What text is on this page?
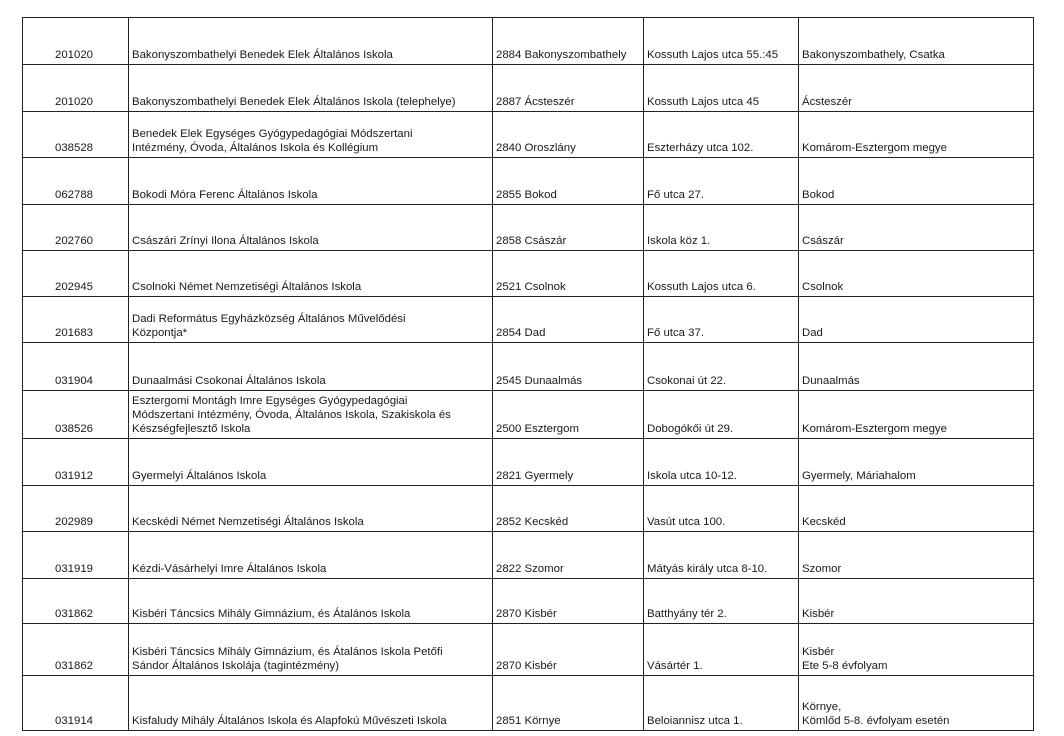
201020	Bakonyszombathelyi Benedek Elek Általános Iskola	2884 Bakonyszombathely	Kossuth Lajos utca 55.:45	Bakonyszombathely, Csatka

201020	Bakonyszombathelyi Benedek Elek Általános Iskola (telephelye)	2887 Ácsteszér	Kossuth Lajos utca 45	Ácsteszér

038528	Benedek Elek Egységes Gyógypedagógiai Módszertani
Intézmény, Óvoda, Általános Iskola és Kollégium	2840 Oroszlány	Eszterházy utca 102.	Komárom-Esztergom megye

062788	Bokodi Móra Ferenc Általános Iskola	2855 Bokod	Fő utca 27.	Bokod

202760	Császári Zrínyi Ilona Általános Iskola	2858 Császár	Iskola köz 1.	Császár

202945	Csolnoki Német Nemzetiségi Általános Iskola	2521 Csolnok	Kossuth Lajos utca 6.	Csolnok

201683	Dadi Református Egyházközség Általános Művelődési
Központja*	2854 Dad	Fő utca 37.	Dad

031904	Dunaalmási Csokonai Általános Iskola	2545 Dunaalmás	Csokonai út 22.	Dunaalmás

038526	Esztergomi Montágh Imre Egységes Gyógypedagógiai
Módszertani Intézmény, Óvoda, Általános Iskola, Szakiskola és
Készségfejlesztő Iskola	2500 Esztergom	Dobogókői út 29.	Komárom-Esztergom megye

031912	Gyermelyi Általános Iskola	2821 Gyermely	Iskola utca 10-12.	Gyermely, Máriahalom

202989	Kecskédi Német Nemzetiségi Általános Iskola	2852 Kecskéd	Vasút utca 100.	Kecskéd

031919	Kézdi-Vásárhelyi Imre Általános Iskola	2822 Szomor	Mátyás király utca 8-10.	Szomor

031862	Kisbéri Táncsics Mihály Gimnázium, és Átalános Iskola	2870 Kisbér	Batthyány tér 2.	Kisbér

031862	Kisbéri Táncsics Mihály Gimnázium, és Átalános Iskola Petőfi
Sándor Általános Iskolája (tagintézmény)	2870 Kisbér	Vásártér 1.	Kisbér
Ete 5-8 évfolyam

031914	Kisfaludy Mihály Általános Iskola és Alapfokú Művészeti Iskola	2851 Környe	Beloiannisz utca 1.	Környe,
Kömlőd 5-8. évfolyam esetén
